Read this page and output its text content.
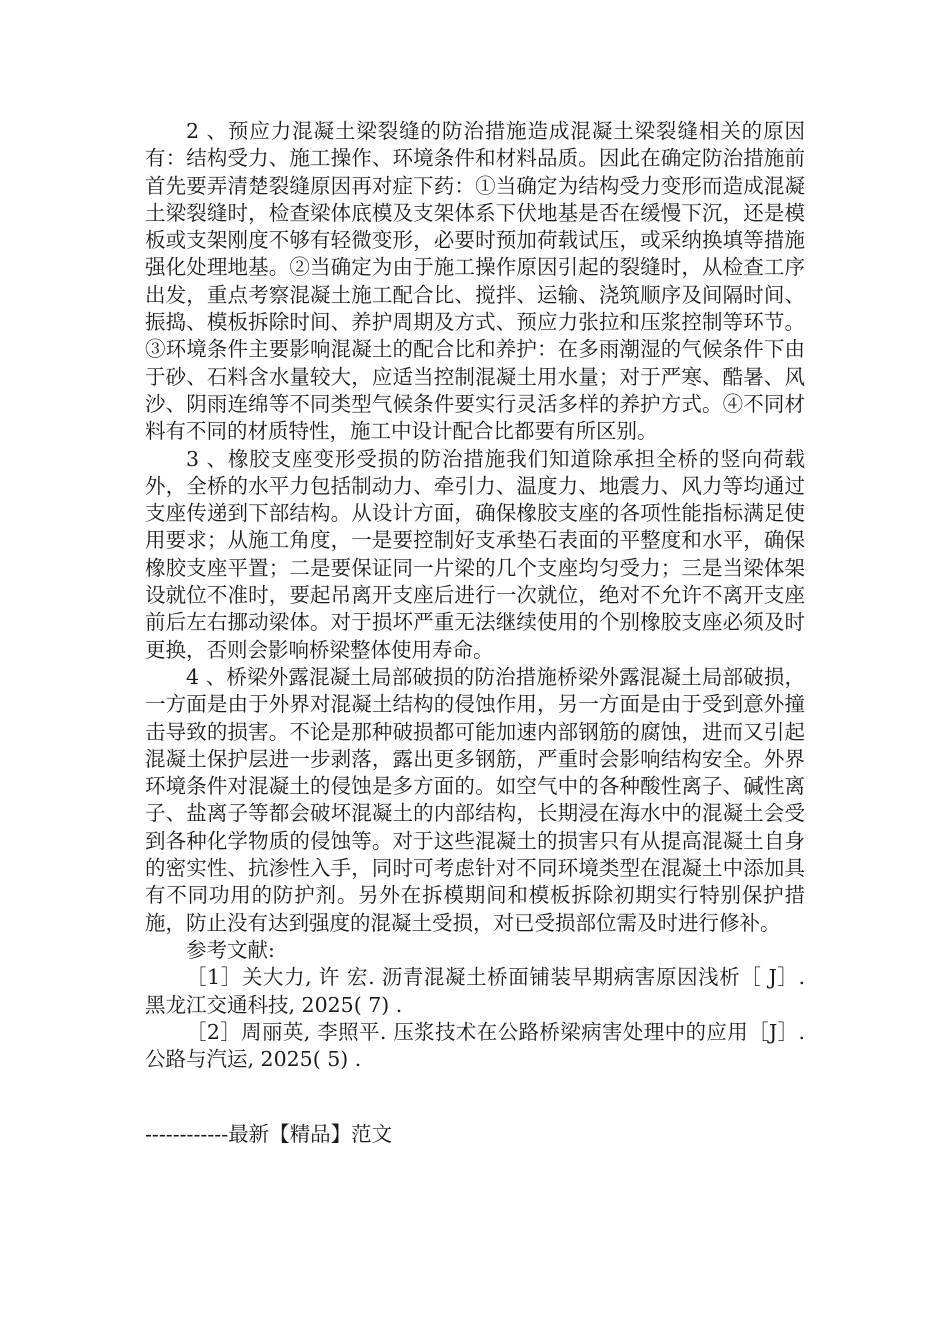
2 、预应力混凝土梁裂缝的防治措施造成混凝土梁裂缝相关的原因有：结构受力、施工操作、环境条件和材料品质。因此在确定防治措施前首先要弄清楚裂缝原因再对症下药：①当确定为结构受力变形而造成混凝土梁裂缝时，检查梁体底模及支架体系下伏地基是否在缓慢下沉，还是模板或支架刚度不够有轻微变形，必要时预加荷载试压，或采纳换填等措施强化处理地基。②当确定为由于施工操作原因引起的裂缝时，从检查工序出发，重点考察混凝土施工配合比、搅拌、运输、浇筑顺序及间隔时间、振捣、模板拆除时间、养护周期及方式、预应力张拉和压浆控制等环节。③环境条件主要影响混凝土的配合比和养护：在多雨潮湿的气候条件下由于砂、石料含水量较大，应适当控制混凝土用水量；对于严寒、酷暑、风沙、阴雨连绵等不同类型气候条件要实行灵活多样的养护方式。④不同材料有不同的材质特性，施工中设计配合比都要有所区别。

3 、橡胶支座变形受损的防治措施我们知道除承担全桥的竖向荷载外，全桥的水平力包括制动力、牵引力、温度力、地震力、风力等均通过支座传递到下部结构。从设计方面，确保橡胶支座的各项性能指标满足使用要求；从施工角度，一是要控制好支承垫石表面的平整度和水平，确保橡胶支座平置；二是要保证同一片梁的几个支座均匀受力；三是当梁体架设就位不准时，要起吊离开支座后进行一次就位，绝对不允许不离开支座前后左右挪动梁体。对于损坏严重无法继续使用的个别橡胶支座必须及时更换，否则会影响桥梁整体使用寿命。

4 、桥梁外露混凝土局部破损的防治措施桥梁外露混凝土局部破损，一方面是由于外界对混凝土结构的侵蚀作用，另一方面是由于受到意外撞击导致的损害。不论是那种破损都可能加速内部钢筋的腐蚀，进而又引起混凝土保护层进一步剥落，露出更多钢筋，严重时会影响结构安全。外界环境条件对混凝土的侵蚀是多方面的。如空气中的各种酸性离子、碱性离子、盐离子等都会破坏混凝土的内部结构，长期浸在海水中的混凝土会受到各种化学物质的侵蚀等。对于这些混凝土的损害只有从提高混凝土自身的密实性、抗渗性入手，同时可考虑针对不同环境类型在混凝土中添加具有不同功用的防护剂。另外在拆模期间和模板拆除初期实行特别保护措施，防止没有达到强度的混凝土受损，对已受损部位需及时进行修补。

参考文献:

［1］关大力, 许 宏. 沥青混凝土桥面铺装早期病害原因浅析［ J］. 黑龙江交通科技, 2025( 7) .

［2］周丽英, 李照平. 压浆技术在公路桥梁病害处理中的应用［J］. 公路与汽运, 2025( 5) .

------------最新【精品】范文
